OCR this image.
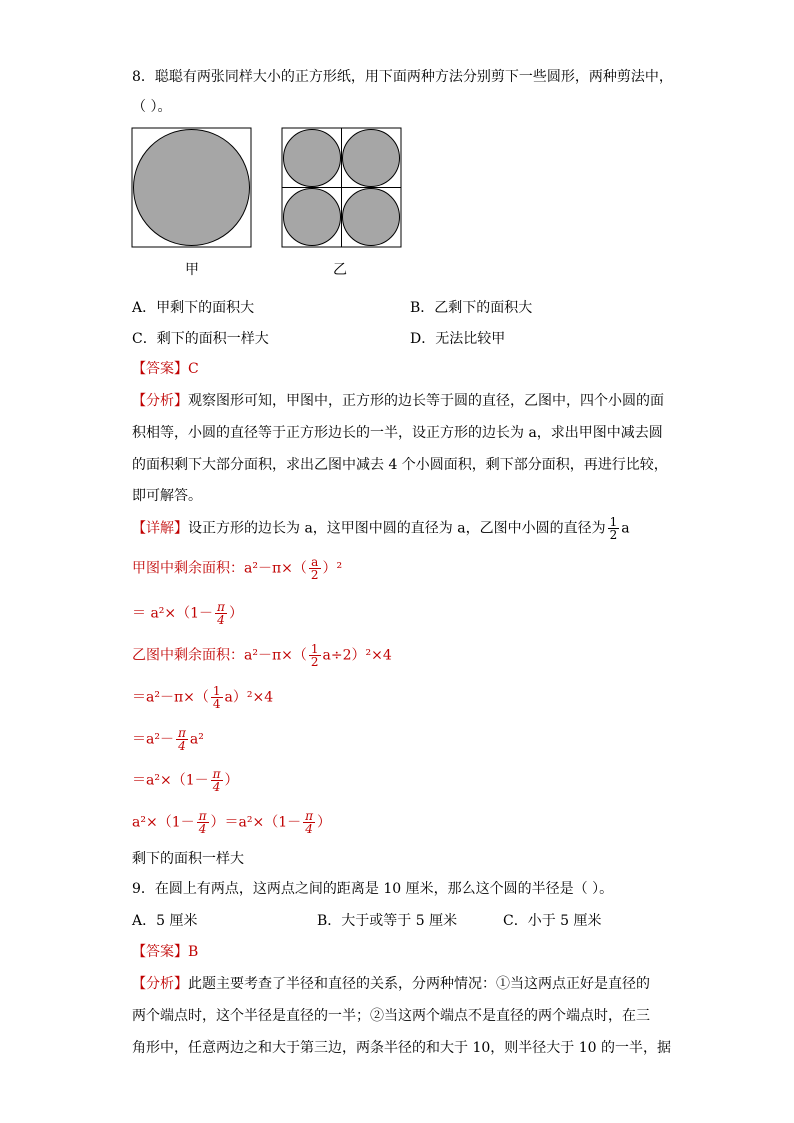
8．聪聪有两张同样大小的正方形纸，用下面两种方法分别剪下一些圆形，两种剪法中，
（ ）。
甲	乙
A．甲剩下的面积大	B．乙剩下的面积大
C．剩下的面积一样大	D．无法比较甲
【答案】C
【分析】观察图形可知，甲图中，正方形的边长等于圆的直径，乙图中，四个小圆的面
积相等，小圆的直径等于正方形边长的一半，设正方形的边长为 a，求出甲图中减去圆
的面积剩下大部分面积，求出乙图中减去 4 个小圆面积，剩下部分面积，再进行比较，
即可解答。
【详解】设正方形的边长为 a，这甲图中圆的直径为 a，乙图中小圆的直径为 $\frac{1}{2}$ a
甲图中剩余面积：$a^2-\pi\times( \frac{a}{2} )^2$
＝ $a^2\times(1- \frac{\pi}{4}$ ）
乙图中剩余面积：$a^2-\pi\times( \frac{1}{2} a\div 2)^2\times 4$
$=a^2-\pi\times( \frac{1}{4} a)^2\times 4$
$=a^2- \frac{\pi}{4} a^2$
$=a^2\times(1- \frac{\pi}{4}$ ）
$a^2\times(1- \frac{\pi}{4} )=a^2\times(1- \frac{\pi}{4}$ ）
剩下的面积一样大
9．在圆上有两点，这两点之间的距离是 10 厘米，那么这个圆的半径是（ ）。
A．5 厘米	B．大于或等于 5 厘米	C．小于 5 厘米
【答案】B
【分析】此题主要考查了半径和直径的关系，分两种情况：①当这两点正好是直径的
两个端点时，这个半径是直径的一半；②当这两个端点不是直径的两个端点时，在三
角形中，任意两边之和大于第三边，两条半径的和大于 10，则半径大于 10 的一半，据
